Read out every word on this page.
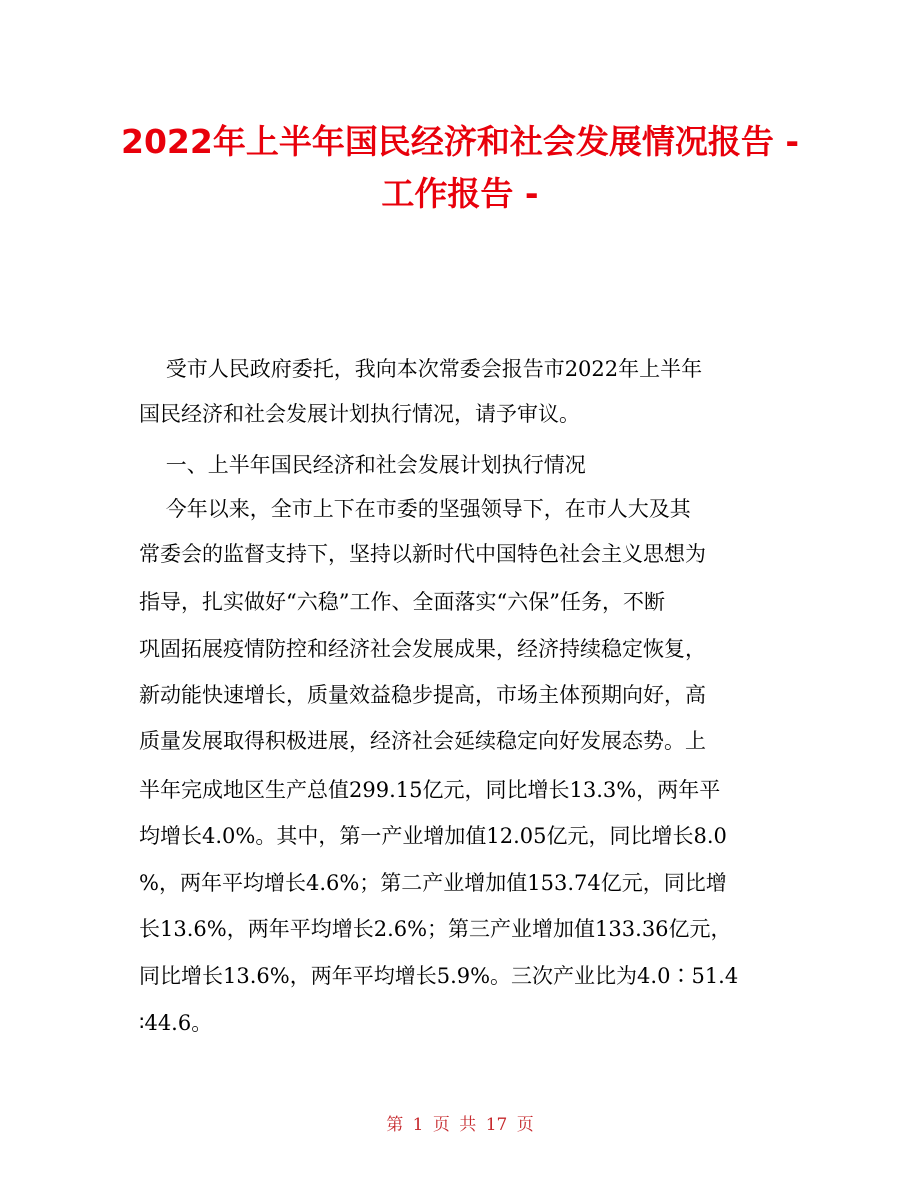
2022年上半年国民经济和社会发展情况报告 -
工作报告 -
受市人民政府委托，我向本次常委会报告市2022年上半年
国民经济和社会发展计划执行情况，请予审议。
一、上半年国民经济和社会发展计划执行情况
今年以来，全市上下在市委的坚强领导下，在市人大及其
常委会的监督支持下，坚持以新时代中国特色社会主义思想为
指导，扎实做好“六稳”工作、全面落实“六保”任务，不断
巩固拓展疫情防控和经济社会发展成果，经济持续稳定恢复，
新动能快速增长，质量效益稳步提高，市场主体预期向好，高
质量发展取得积极进展，经济社会延续稳定向好发展态势。上
半年完成地区生产总值299.15亿元，同比增长13.3%，两年平
均增长4.0%。其中，第一产业增加值12.05亿元，同比增长8.0
%，两年平均增长4.6%；第二产业增加值153.74亿元，同比增
长13.6%，两年平均增长2.6%；第三产业增加值133.36亿元，
同比增长13.6%，两年平均增长5.9%。三次产业比为4.0∶51.4
∶44.6。
第 1 页 共 17 页
